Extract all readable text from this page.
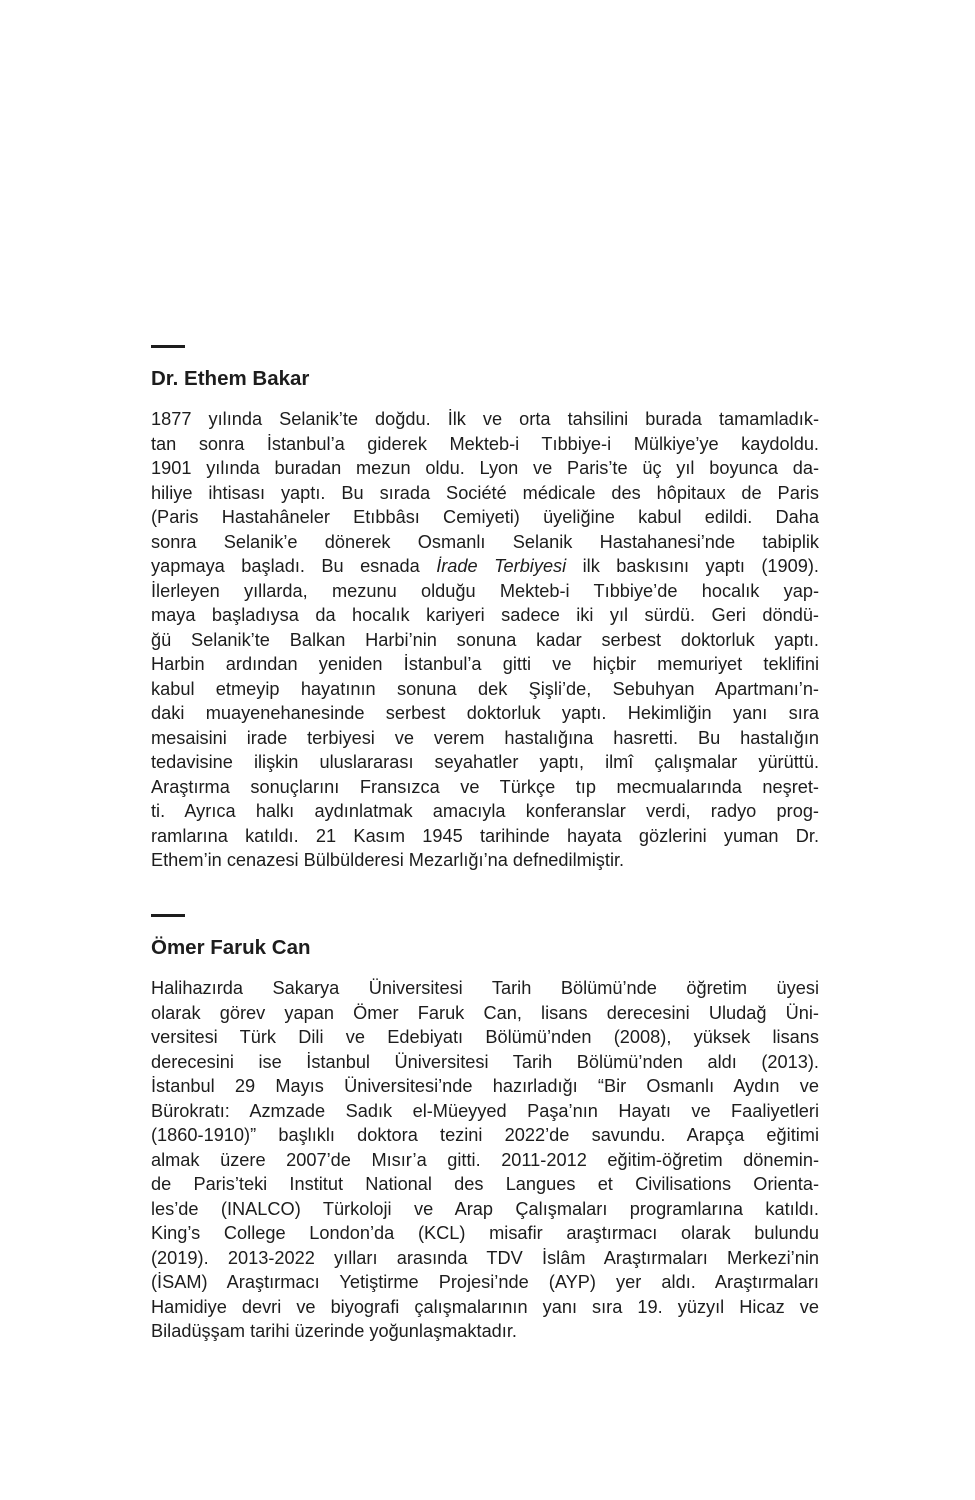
Dr. Ethem Bakar

1877 yılında Selanik’te doğdu. İlk ve orta tahsilini burada tamamladık-
tan sonra İstanbul’a giderek Mekteb-i Tıbbiye-i Mülkiye’ye kaydoldu.
1901 yılında buradan mezun oldu. Lyon ve Paris’te üç yıl boyunca da-
hiliye ihtisası yaptı. Bu sırada Société médicale des hôpitaux de Paris
(Paris Hastahâneler Etıbbâsı Cemiyeti) üyeliğine kabul edildi. Daha
sonra Selanik’e dönerek Osmanlı Selanik Hastahanesi’nde tabiplik
yapmaya başladı. Bu esnada İrade Terbiyesi ilk baskısını yaptı (1909).
İlerleyen yıllarda, mezunu olduğu Mekteb-i Tıbbiye’de hocalık yap-
maya başladıysa da hocalık kariyeri sadece iki yıl sürdü. Geri döndü-
ğü Selanik’te Balkan Harbi’nin sonuna kadar serbest doktorluk yaptı.
Harbin ardından yeniden İstanbul’a gitti ve hiçbir memuriyet teklifini
kabul etmeyip hayatının sonuna dek Şişli’de, Sebuhyan Apartmanı’n-
daki muayenehanesinde serbest doktorluk yaptı. Hekimliğin yanı sıra
mesaisini irade terbiyesi ve verem hastalığına hasretti. Bu hastalığın
tedavisine ilişkin uluslararası seyahatler yaptı, ilmî çalışmalar yürüttü.
Araştırma sonuçlarını Fransızca ve Türkçe tıp mecmualarında neşret-
ti. Ayrıca halkı aydınlatmak amacıyla konferanslar verdi, radyo prog-
ramlarına katıldı. 21 Kasım 1945 tarihinde hayata gözlerini yuman Dr.
Ethem’in cenazesi Bülbülderesi Mezarlığı’na defnedilmiştir.

Ömer Faruk Can

Halihazırda Sakarya Üniversitesi Tarih Bölümü’nde öğretim üyesi
olarak görev yapan Ömer Faruk Can, lisans derecesini Uludağ Üni-
versitesi Türk Dili ve Edebiyatı Bölümü’nden (2008), yüksek lisans
derecesini ise İstanbul Üniversitesi Tarih Bölümü’nden aldı (2013).
İstanbul 29 Mayıs Üniversitesi’nde hazırladığı “Bir Osmanlı Aydın ve
Bürokratı: Azmzade Sadık el-Müeyyed Paşa’nın Hayatı ve Faaliyetleri
(1860-1910)” başlıklı doktora tezini 2022’de savundu. Arapça eğitimi
almak üzere 2007’de Mısır’a gitti. 2011-2012 eğitim-öğretim dönemin-
de Paris’teki Institut National des Langues et Civilisations Orienta-
les’de (INALCO) Türkoloji ve Arap Çalışmaları programlarına katıldı.
King’s College London’da (KCL) misafir araştırmacı olarak bulundu
(2019). 2013-2022 yılları arasında TDV İslâm Araştırmaları Merkezi’nin
(İSAM) Araştırmacı Yetiştirme Projesi’nde (AYP) yer aldı. Araştırmaları
Hamidiye devri ve biyografi çalışmalarının yanı sıra 19. yüzyıl Hicaz ve
Biladüşşam tarihi üzerinde yoğunlaşmaktadır.
